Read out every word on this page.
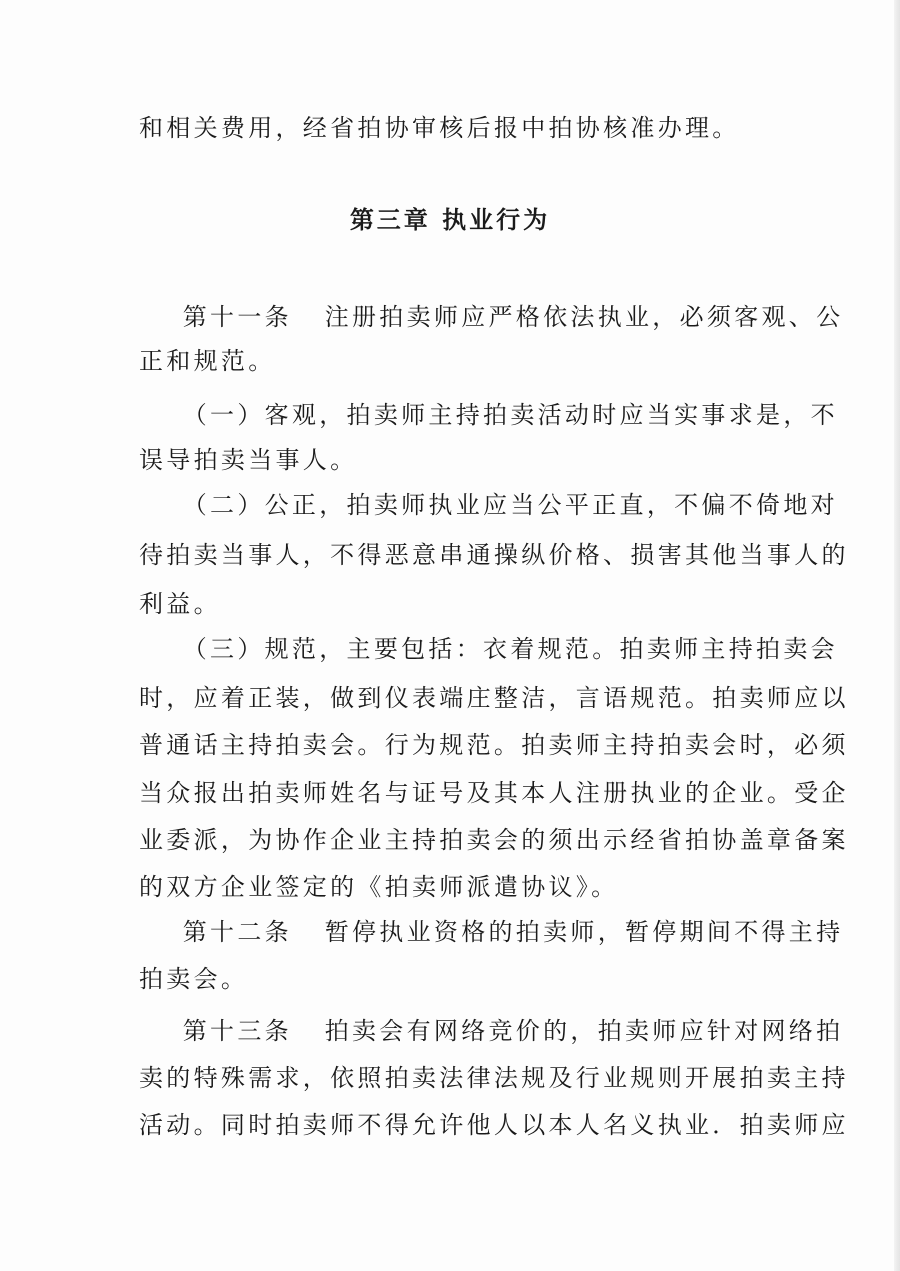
和相关费用，经省拍协审核后报中拍协核准办理。
第三章 执业行为
第十一条   注册拍卖师应严格依法执业，必须客观、公
正和规范。
（一）客观，拍卖师主持拍卖活动时应当实事求是，不
误导拍卖当事人。
（二）公正，拍卖师执业应当公平正直，不偏不倚地对
待拍卖当事人，不得恶意串通操纵价格、损害其他当事人的
利益。
（三）规范，主要包括：衣着规范。拍卖师主持拍卖会
时，应着正装，做到仪表端庄整洁，言语规范。拍卖师应以
普通话主持拍卖会。行为规范。拍卖师主持拍卖会时，必须
当众报出拍卖师姓名与证号及其本人注册执业的企业。受企
业委派，为协作企业主持拍卖会的须出示经省拍协盖章备案
的双方企业签定的《拍卖师派遣协议》。
第十二条   暂停执业资格的拍卖师，暂停期间不得主持
拍卖会。
第十三条   拍卖会有网络竞价的，拍卖师应针对网络拍
卖的特殊需求，依照拍卖法律法规及行业规则开展拍卖主持
活动。同时拍卖师不得允许他人以本人名义执业．拍卖师应
